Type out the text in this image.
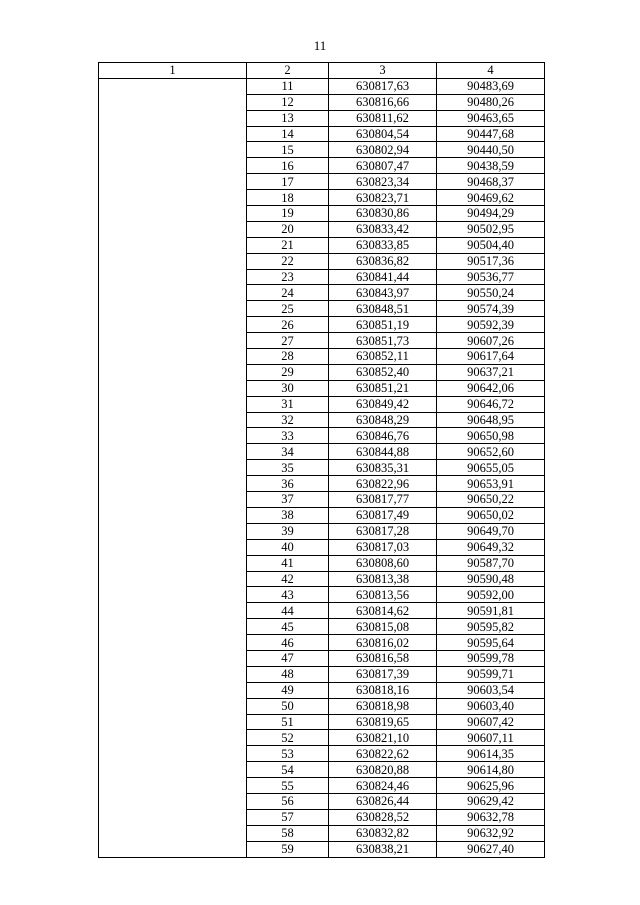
11
1	2	3	4
	11	630817,63	90483,69
	12	630816,66	90480,26
	13	630811,62	90463,65
	14	630804,54	90447,68
	15	630802,94	90440,50
	16	630807,47	90438,59
	17	630823,34	90468,37
	18	630823,71	90469,62
	19	630830,86	90494,29
	20	630833,42	90502,95
	21	630833,85	90504,40
	22	630836,82	90517,36
	23	630841,44	90536,77
	24	630843,97	90550,24
	25	630848,51	90574,39
	26	630851,19	90592,39
	27	630851,73	90607,26
	28	630852,11	90617,64
	29	630852,40	90637,21
	30	630851,21	90642,06
	31	630849,42	90646,72
	32	630848,29	90648,95
	33	630846,76	90650,98
	34	630844,88	90652,60
	35	630835,31	90655,05
	36	630822,96	90653,91
	37	630817,77	90650,22
	38	630817,49	90650,02
	39	630817,28	90649,70
	40	630817,03	90649,32
	41	630808,60	90587,70
	42	630813,38	90590,48
	43	630813,56	90592,00
	44	630814,62	90591,81
	45	630815,08	90595,82
	46	630816,02	90595,64
	47	630816,58	90599,78
	48	630817,39	90599,71
	49	630818,16	90603,54
	50	630818,98	90603,40
	51	630819,65	90607,42
	52	630821,10	90607,11
	53	630822,62	90614,35
	54	630820,88	90614,80
	55	630824,46	90625,96
	56	630826,44	90629,42
	57	630828,52	90632,78
	58	630832,82	90632,92
	59	630838,21	90627,40
